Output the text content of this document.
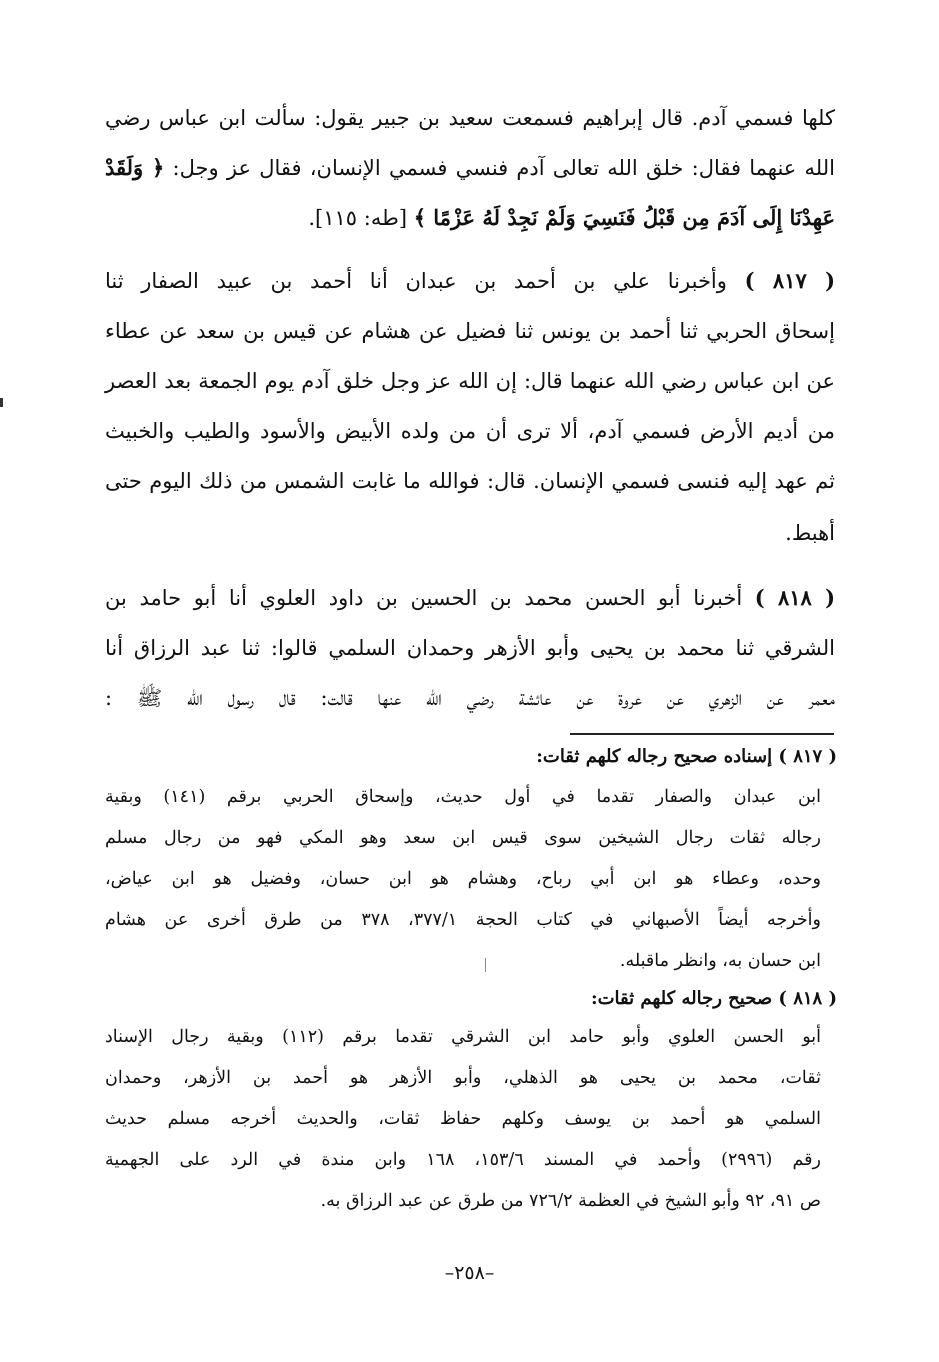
كلها فسمي آدم. قال إبراهيم فسمعت سعيد بن جبير يقول: سألت ابن عباس رضي
الله عنهما فقال: خلق الله تعالى آدم فنسي فسمي الإنسان، فقال عز وجل: ﴿ وَلَقَدْ
عَهِدْنَا إِلَى آدَمَ مِن قَبْلُ فَنَسِيَ وَلَمْ نَجِدْ لَهُ عَزْمًا ﴾ [طه: ١١٥].
( ٨١٧ ) وأخبرنا علي بن أحمد بن عبدان أنا أحمد بن عبيد الصفار ثنا
إسحاق الحربي ثنا أحمد بن يونس ثنا فضيل عن هشام عن قيس بن سعد عن عطاء
عن ابن عباس رضي الله عنهما قال: إن الله عز وجل خلق آدم يوم الجمعة بعد العصر
من أديم الأرض فسمي آدم، ألا ترى أن من ولده الأبيض والأسود والطيب والخبيث
ثم عهد إليه فنسى فسمي الإنسان. قال: فوالله ما غابت الشمس من ذلك اليوم حتى
أهبط.
( ٨١٨ ) أخبرنا أبو الحسن محمد بن الحسين بن داود العلوي أنا أبو حامد بن
الشرقي ثنا محمد بن يحيى وأبو الأزهر وحمدان السلمي قالوا: ثنا عبد الرزاق أنا
معمر عن الزهري عن عروة عن عائشة رضي الله عنها قالت: قال رسول الله ﷺ :
( ٨١٧ ) إسناده صحيح رجاله كلهم ثقات:
ابن عبدان والصفار تقدما في أول حديث، وإسحاق الحربي برقم (١٤١) وبقية
رجاله ثقات رجال الشيخين سوى قيس ابن سعد وهو المكي فهو من رجال مسلم
وحده، وعطاء هو ابن أبي رباح، وهشام هو ابن حسان، وفضيل هو ابن عياض،
وأخرجه أيضاً الأصبهاني في كتاب الحجة ٣٧٧/١، ٣٧٨ من طرق أخرى عن هشام
ابن حسان به، وانظر ماقبله.
( ٨١٨ ) صحيح رجاله كلهم ثقات:
أبو الحسن العلوي وأبو حامد ابن الشرقي تقدما برقم (١١٢) وبقية رجال الإسناد
ثقات، محمد بن يحيى هو الذهلي، وأبو الأزهر هو أحمد بن الأزهر، وحمدان
السلمي هو أحمد بن يوسف وكلهم حفاظ ثقات، والحديث أخرجه مسلم حديث
رقم (٢٩٩٦) وأحمد في المسند ١٥٣/٦، ١٦٨ وابن مندة في الرد على الجهمية
ص ٩١، ٩٢ وأبو الشيخ في العظمة ٧٢٦/٢ من طرق عن عبد الرزاق به.
–٢٥٨–
